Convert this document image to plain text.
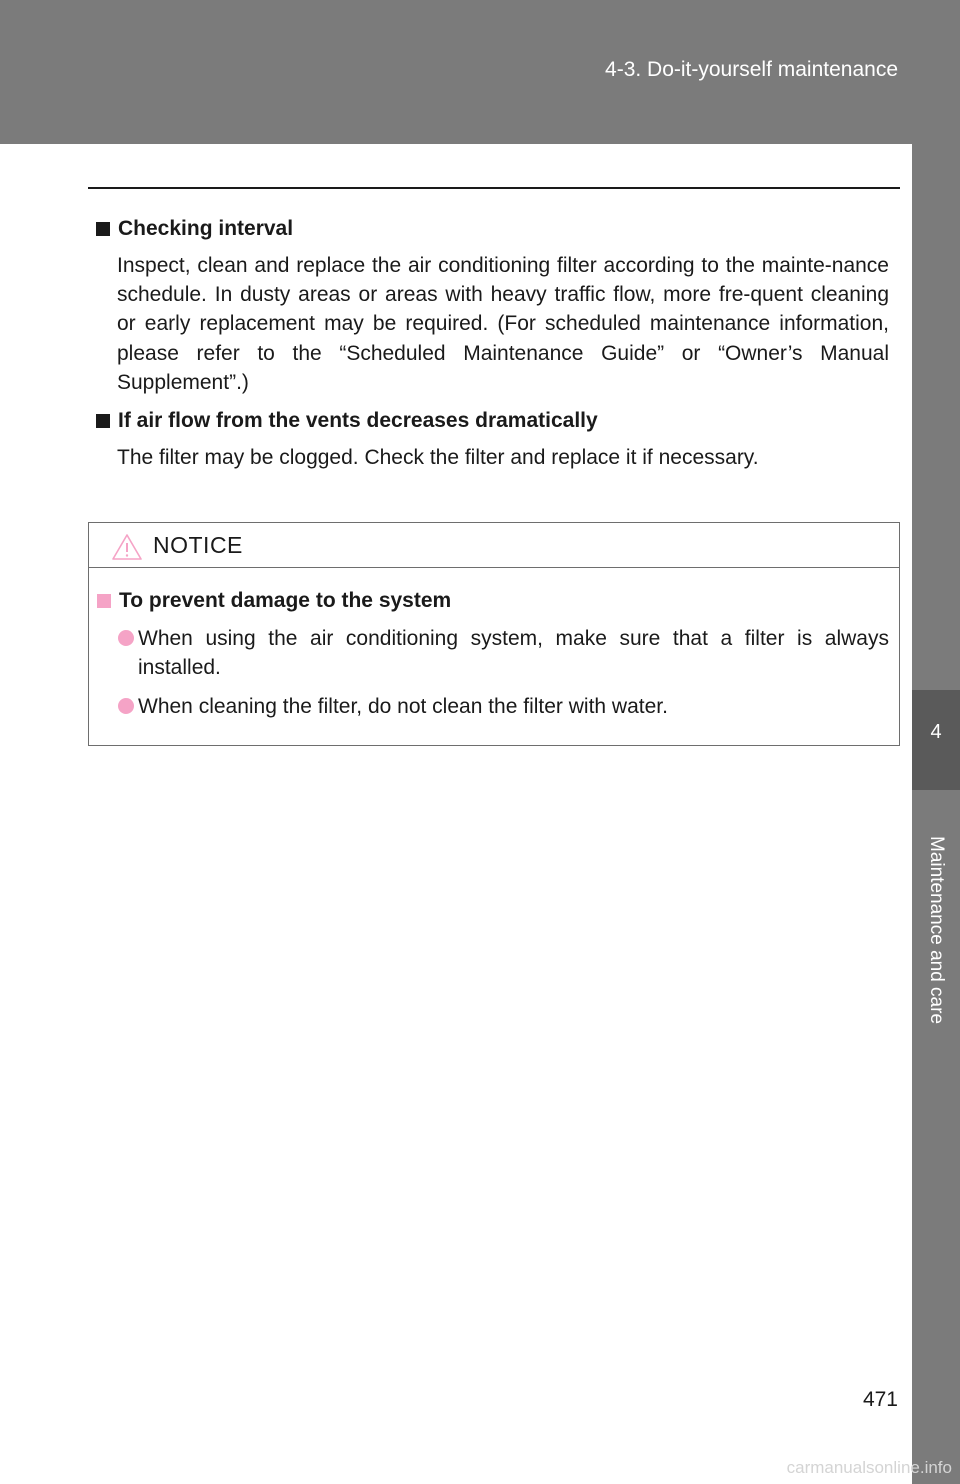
4-3. Do-it-yourself maintenance
4
Maintenance and care
Checking interval
Inspect, clean and replace the air conditioning filter according to the mainte-nance schedule. In dusty areas or areas with heavy traffic flow, more fre-quent cleaning or early replacement may be required. (For scheduled maintenance information, please refer to the “Scheduled Maintenance Guide” or “Owner’s Manual Supplement”.)
If air flow from the vents decreases dramatically
The filter may be clogged. Check the filter and replace it if necessary.
NOTICE
To prevent damage to the system
When using the air conditioning system, make sure that a filter is always installed.
When cleaning the filter, do not clean the filter with water.
471
carmanualsonline.info
